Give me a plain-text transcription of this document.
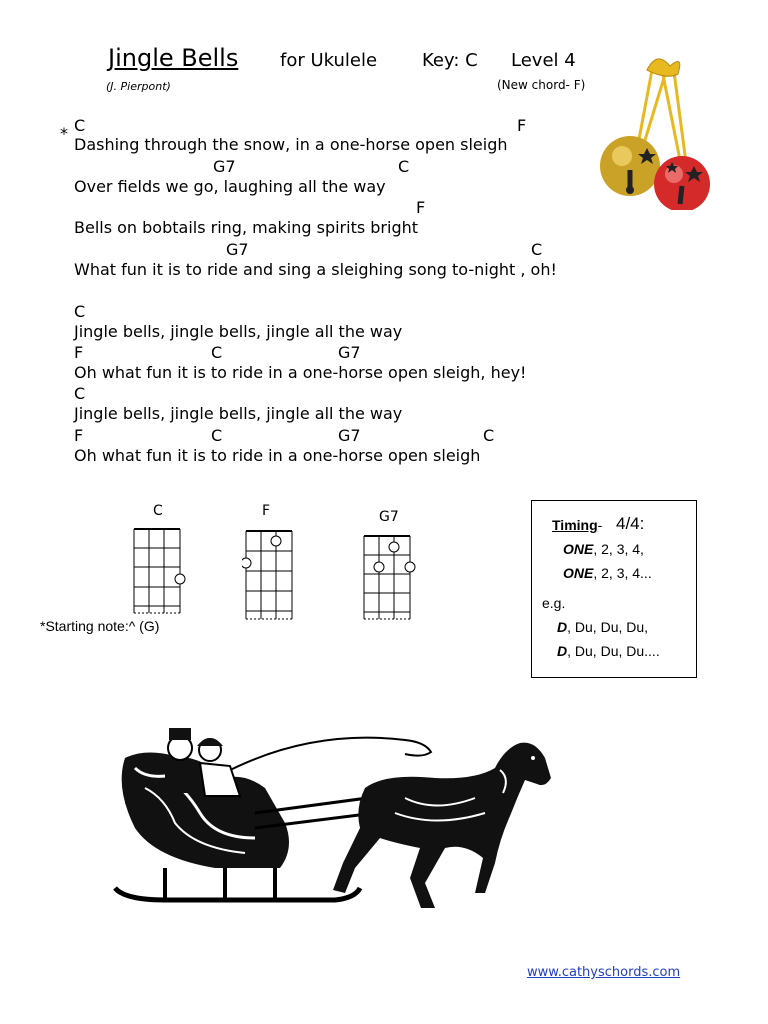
Jingle Bells for Ukulele Key: C Level 4
(J. Pierpont)	(New chord- F)
* C	F
Dashing through the snow, in a one-horse open sleigh
G7	C
Over fields we go, laughing all the way
F
Bells on bobtails ring, making spirits bright
G7	C
What fun it is to ride and sing a sleighing song to-night , oh!
C
Jingle bells, jingle bells, jingle all the way
F	C	G7
Oh what fun it is to ride in a one-horse open sleigh, hey!
C
Jingle bells, jingle bells, jingle all the way
F	C	G7	C
Oh what fun it is to ride in a one-horse open sleigh
C	F	G7
*Starting note:^ (G)
Timing- 4/4:
ONE, 2, 3, 4,
ONE, 2, 3, 4...
e.g.
D, Du, Du, Du,
D, Du, Du, Du....
www.cathyschords.com
